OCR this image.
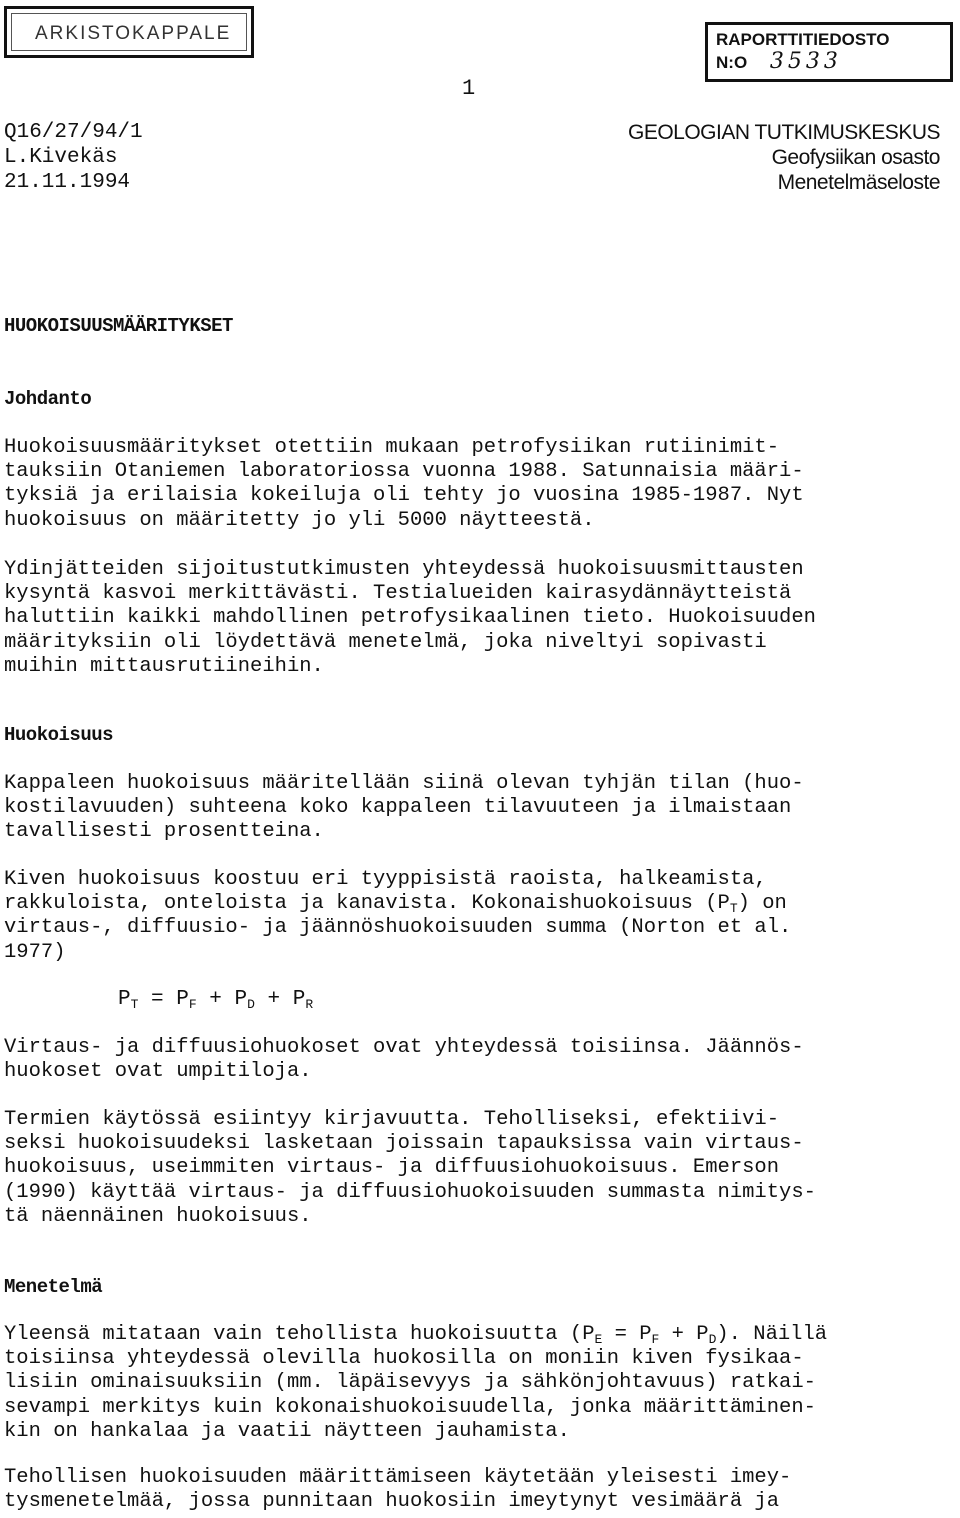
ARKISTOKAPPALE	RAPORTTITIEDOSTO
N:O 3533
1
Q16/27/94/1
L.Kivekäs
21.11.1994
GEOLOGIAN TUTKIMUSKESKUS
Geofysiikan osasto
Menetelmäseloste
HUOKOISUUSMÄÄRITYKSET
Johdanto

Huokoisuusmääritykset otettiin mukaan petrofysiikan rutiinimit-
tauksiin Otaniemen laboratoriossa vuonna 1988. Satunnaisia määri-
tyksiä ja erilaisia kokeiluja oli tehty jo vuosina 1985-1987. Nyt
huokoisuus on määritetty jo yli 5000 näytteestä.

Ydinjätteiden sijoitustutkimusten yhteydessä huokoisuusmittausten
kysyntä kasvoi merkittävästi. Testialueiden kairasydännäytteistä
haluttiin kaikki mahdollinen petrofysikaalinen tieto. Huokoisuuden
määrityksiin oli löydettävä menetelmä, joka niveltyi sopivasti
muihin mittausrutiineihin.

Huokoisuus

Kappaleen huokoisuus määritellään siinä olevan tyhjän tilan (huo-
kostilavuuden) suhteena koko kappaleen tilavuuteen ja ilmaistaan
tavallisesti prosentteina.

Kiven huokoisuus koostuu eri tyyppisistä raoista, halkeamista,
rakkuloista, onteloista ja kanavista. Kokonaishuokoisuus $(P_T)$ on
virtaus-, diffuusio- ja jäännöshuokoisuuden summa (Norton et al.
1977)

$P_T = P_F + P_D + P_R$

Virtaus- ja diffuusiohuokoset ovat yhteydessä toisiinsa. Jäännös-
huokoset ovat umpitiloja.

Termien käytössä esiintyy kirjavuutta. Teholliseksi, efektiivi-
seksi huokoisuudeksi lasketaan joissain tapauksissa vain virtaus-
huokoisuus, useimmiten virtaus- ja diffuusiohuokoisuus. Emerson
(1990) käyttää virtaus- ja diffuusiohuokoisuuden summasta nimitys-
tä näennäinen huokoisuus.

Menetelmä

Yleensä mitataan vain tehollista huokoisuutta $(P_E = P_F + P_D)$. Näillä
toisiinsa yhteydessä olevilla huokosilla on moniin kiven fysikaa-
lisiin ominaisuuksiin (mm. läpäisevyys ja sähkönjohtavuus) ratkai-
sevampi merkitys kuin kokonaishuokoisuudella, jonka määrittäminen-
kin on hankalaa ja vaatii näytteen jauhamista.

Tehollisen huokoisuuden määrittämiseen käytetään yleisesti imey-
tysmenetelmää, jossa punnitaan huokosiin imeytynyt vesimäärä ja
